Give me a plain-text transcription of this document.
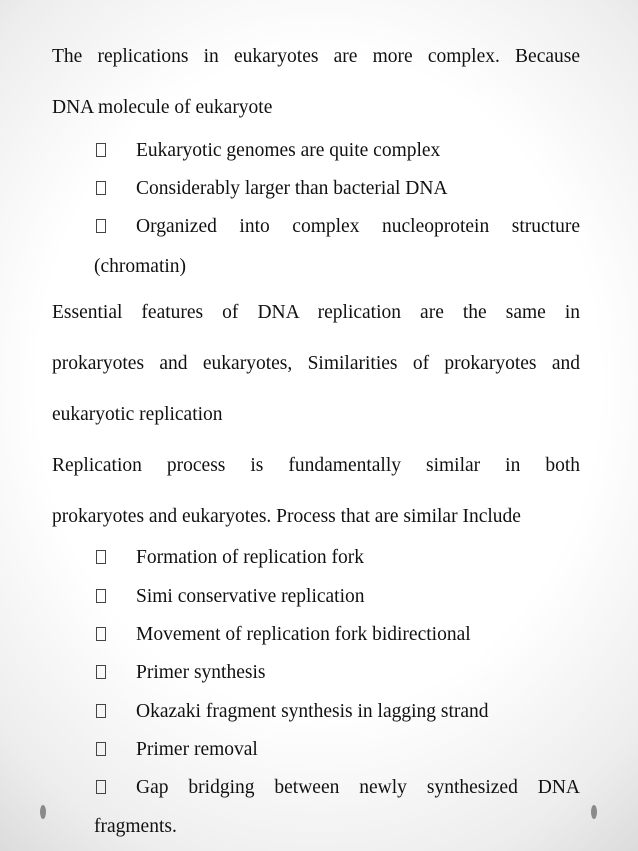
The replications in eukaryotes are more complex. Because
DNA molecule of eukaryote
Eukaryotic genomes are quite complex
Considerably larger than bacterial DNA
Organized into complex nucleoprotein structure
(chromatin)
Essential features of DNA replication are the same in
prokaryotes and eukaryotes, Similarities of prokaryotes and
eukaryotic replication
Replication process is fundamentally similar in both
prokaryotes and eukaryotes. Process that are similar Include
Formation of replication fork
Simi conservative replication
Movement of replication fork bidirectional
Primer synthesis
Okazaki fragment synthesis in lagging strand
Primer removal
Gap bridging between newly synthesized DNA
fragments.
